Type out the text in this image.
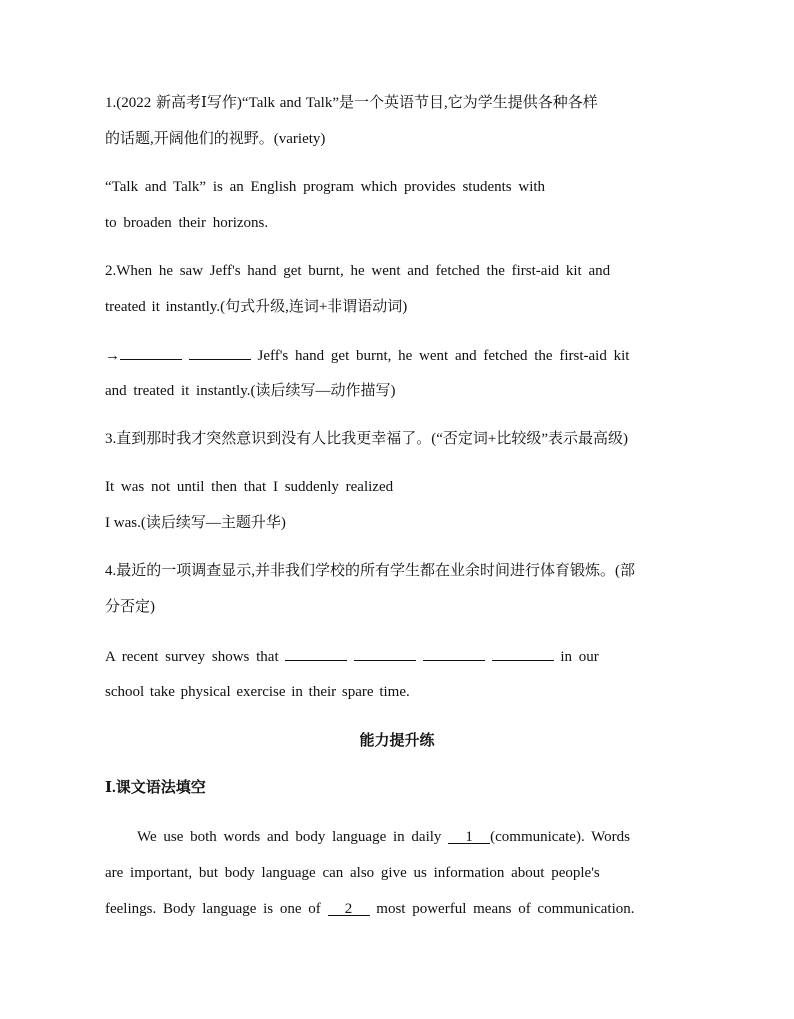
1.(2022 新高考Ⅰ写作)“Talk and Talk”是一个英语节目,它为学生提供各种各样
的话题,开阔他们的视野。(variety)
“Talk and Talk” is an English program which provides students with
to broaden their horizons.
2.When he saw Jeff's hand get burnt, he went and fetched the first-aid kit and
treated it instantly.(句式升级,连词+非谓语动词)
→	Jeff's hand get burnt, he went and fetched the first-aid kit
and treated it instantly.(读后续写—动作描写)
3.直到那时我才突然意识到没有人比我更幸福了。(“否定词+比较级”表示最高级)
It was not until then that I suddenly realized
I was.(读后续写—主题升华)
4.最近的一项调查显示,并非我们学校的所有学生都在业余时间进行体育锻炼。(部
分否定)
A recent survey shows that	in our
school take physical exercise in their spare time.
能力提升练
Ⅰ.课文语法填空
We use both words and body language in daily 1 (communicate). Words
are important, but body language can also give us information about people's
feelings. Body language is one of 2 most powerful means of communication.
